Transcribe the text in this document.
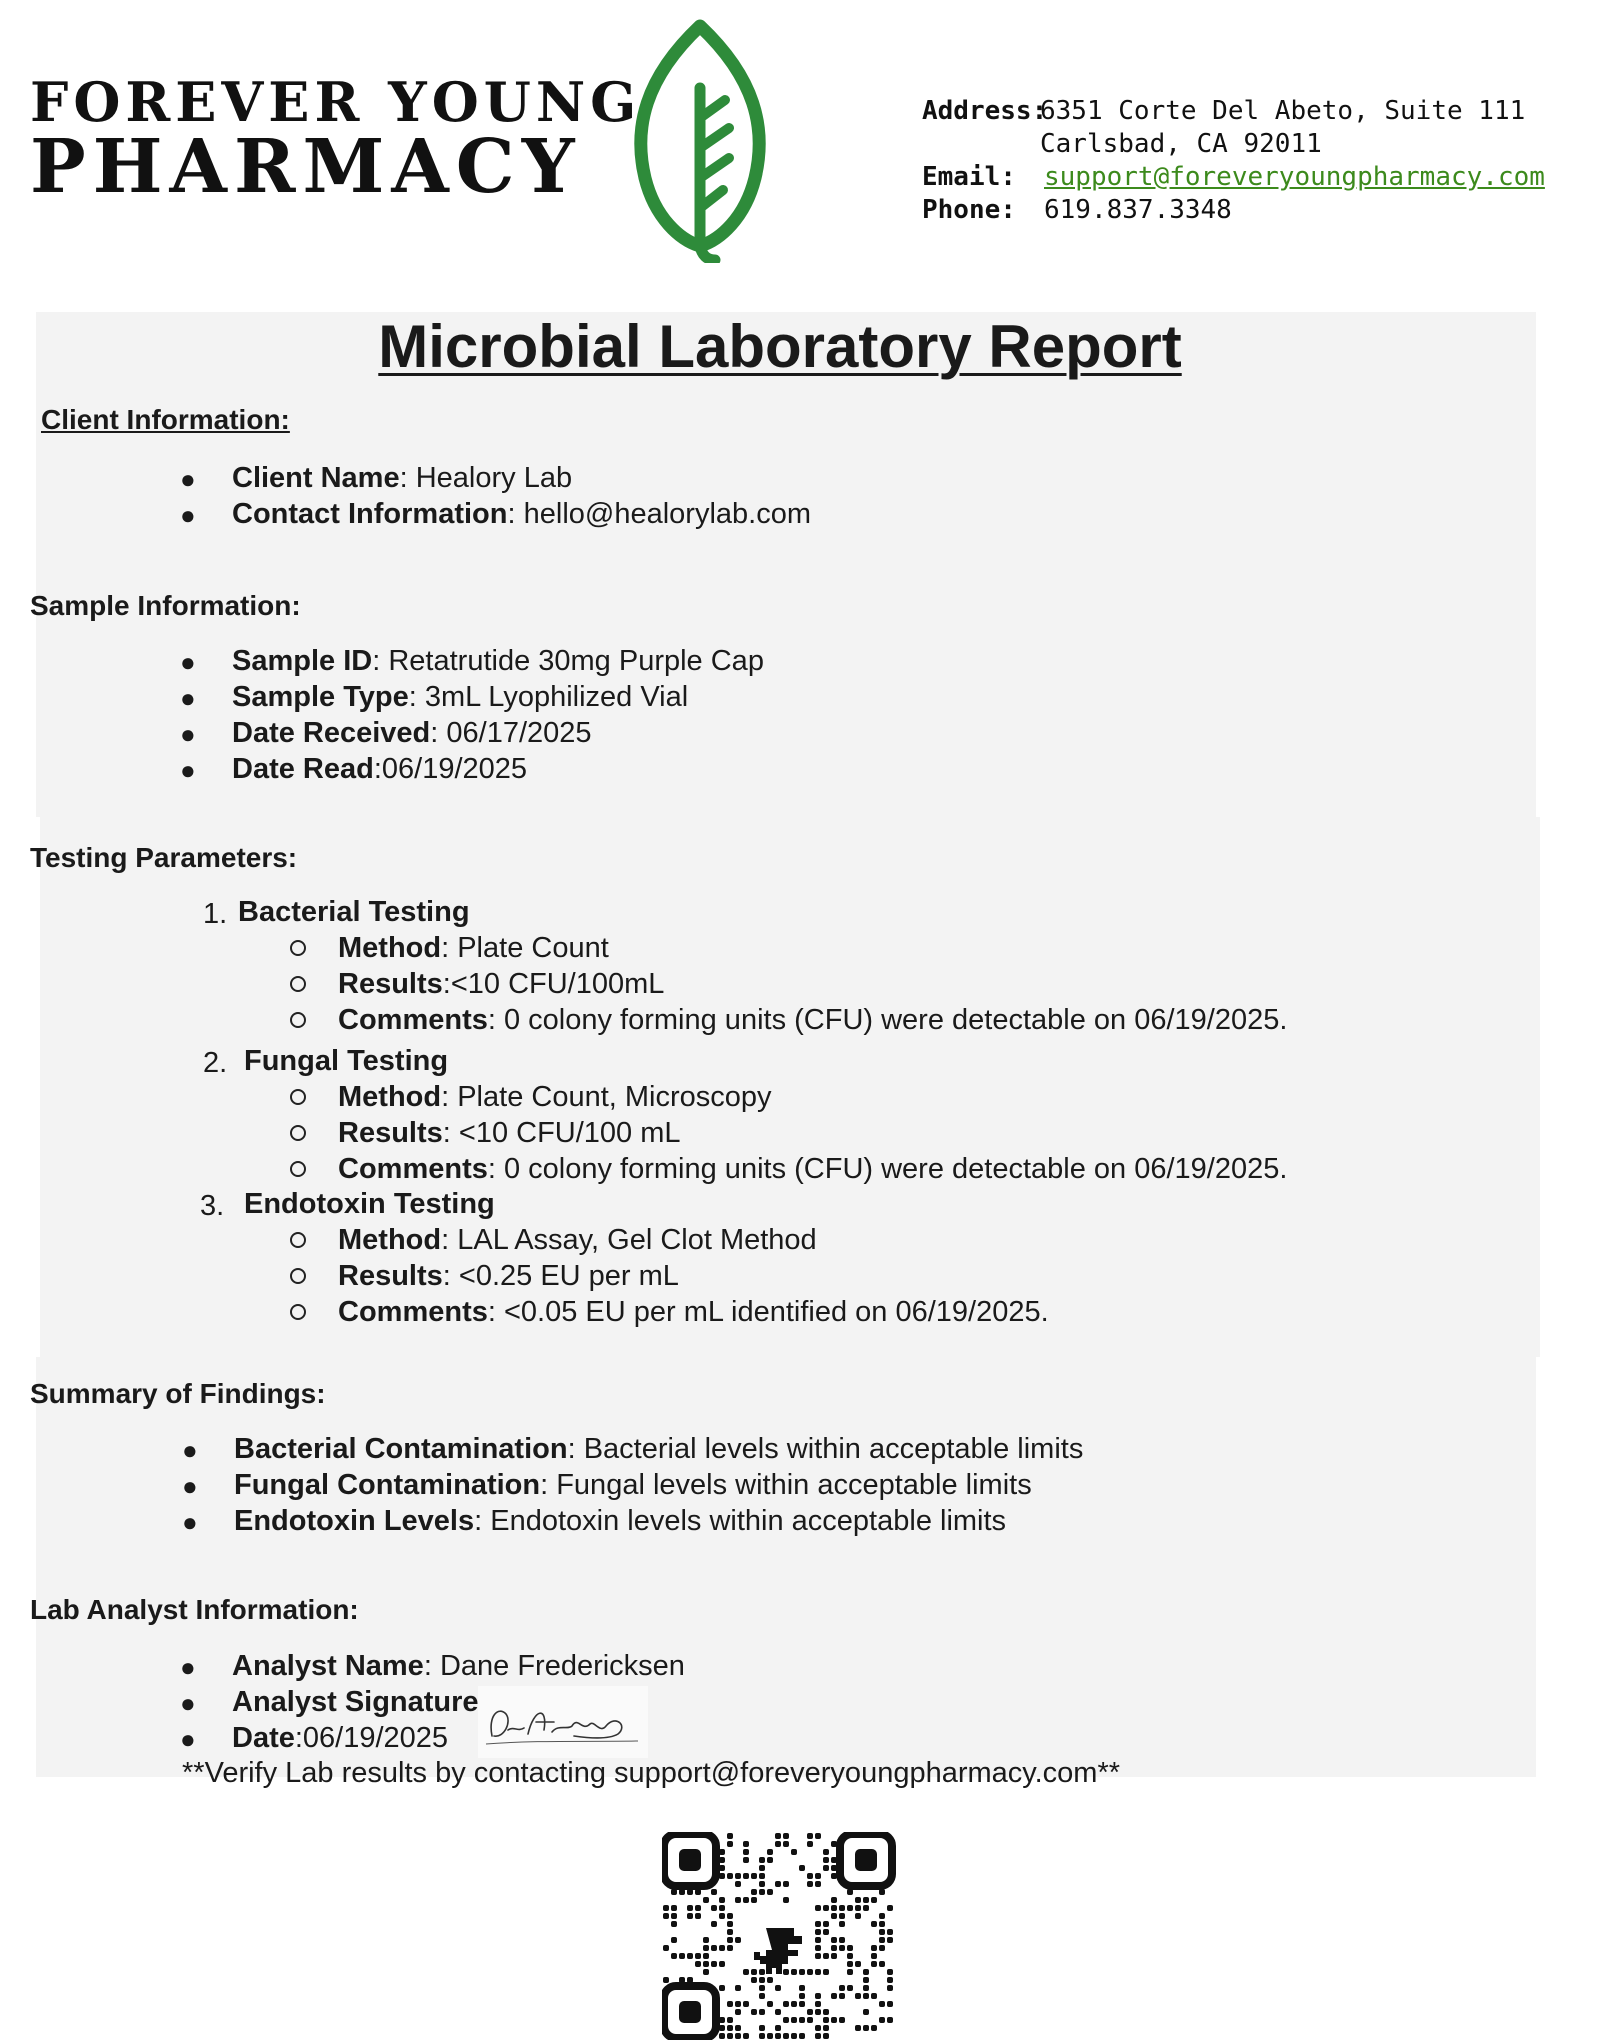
FOREVER YOUNG
PHARMACY
Address:
6351 Corte Del Abeto, Suite 111
Carlsbad, CA 92011
Email:	support@foreveryoungpharmacy.com
Phone:	619.837.3348
Microbial Laboratory Report
Client Information:
● Client Name: Healory Lab
● Contact Information: hello@healorylab.com
Sample Information:
● Sample ID: Retatrutide 30mg Purple Cap
● Sample Type: 3mL Lyophilized Vial
● Date Received: 06/17/2025
● Date Read:06/19/2025
Testing Parameters:
1. Bacterial Testing
Method: Plate Count
Results:<10 CFU/100mL
Comments: 0 colony forming units (CFU) were detectable on 06/19/2025.
2. Fungal Testing
Method: Plate Count, Microscopy
Results: <10 CFU/100 mL
Comments: 0 colony forming units (CFU) were detectable on 06/19/2025.
3. Endotoxin Testing
Method: LAL Assay, Gel Clot Method
Results: <0.25 EU per mL
Comments: <0.05 EU per mL identified on 06/19/2025.
Summary of Findings:
● Bacterial Contamination: Bacterial levels within acceptable limits
● Fungal Contamination: Fungal levels within acceptable limits
● Endotoxin Levels: Endotoxin levels within acceptable limits
Lab Analyst Information:
● Analyst Name: Dane Fredericksen
● Analyst Signature:
● Date:06/19/2025
**Verify Lab results by contacting support@foreveryoungpharmacy.com**
